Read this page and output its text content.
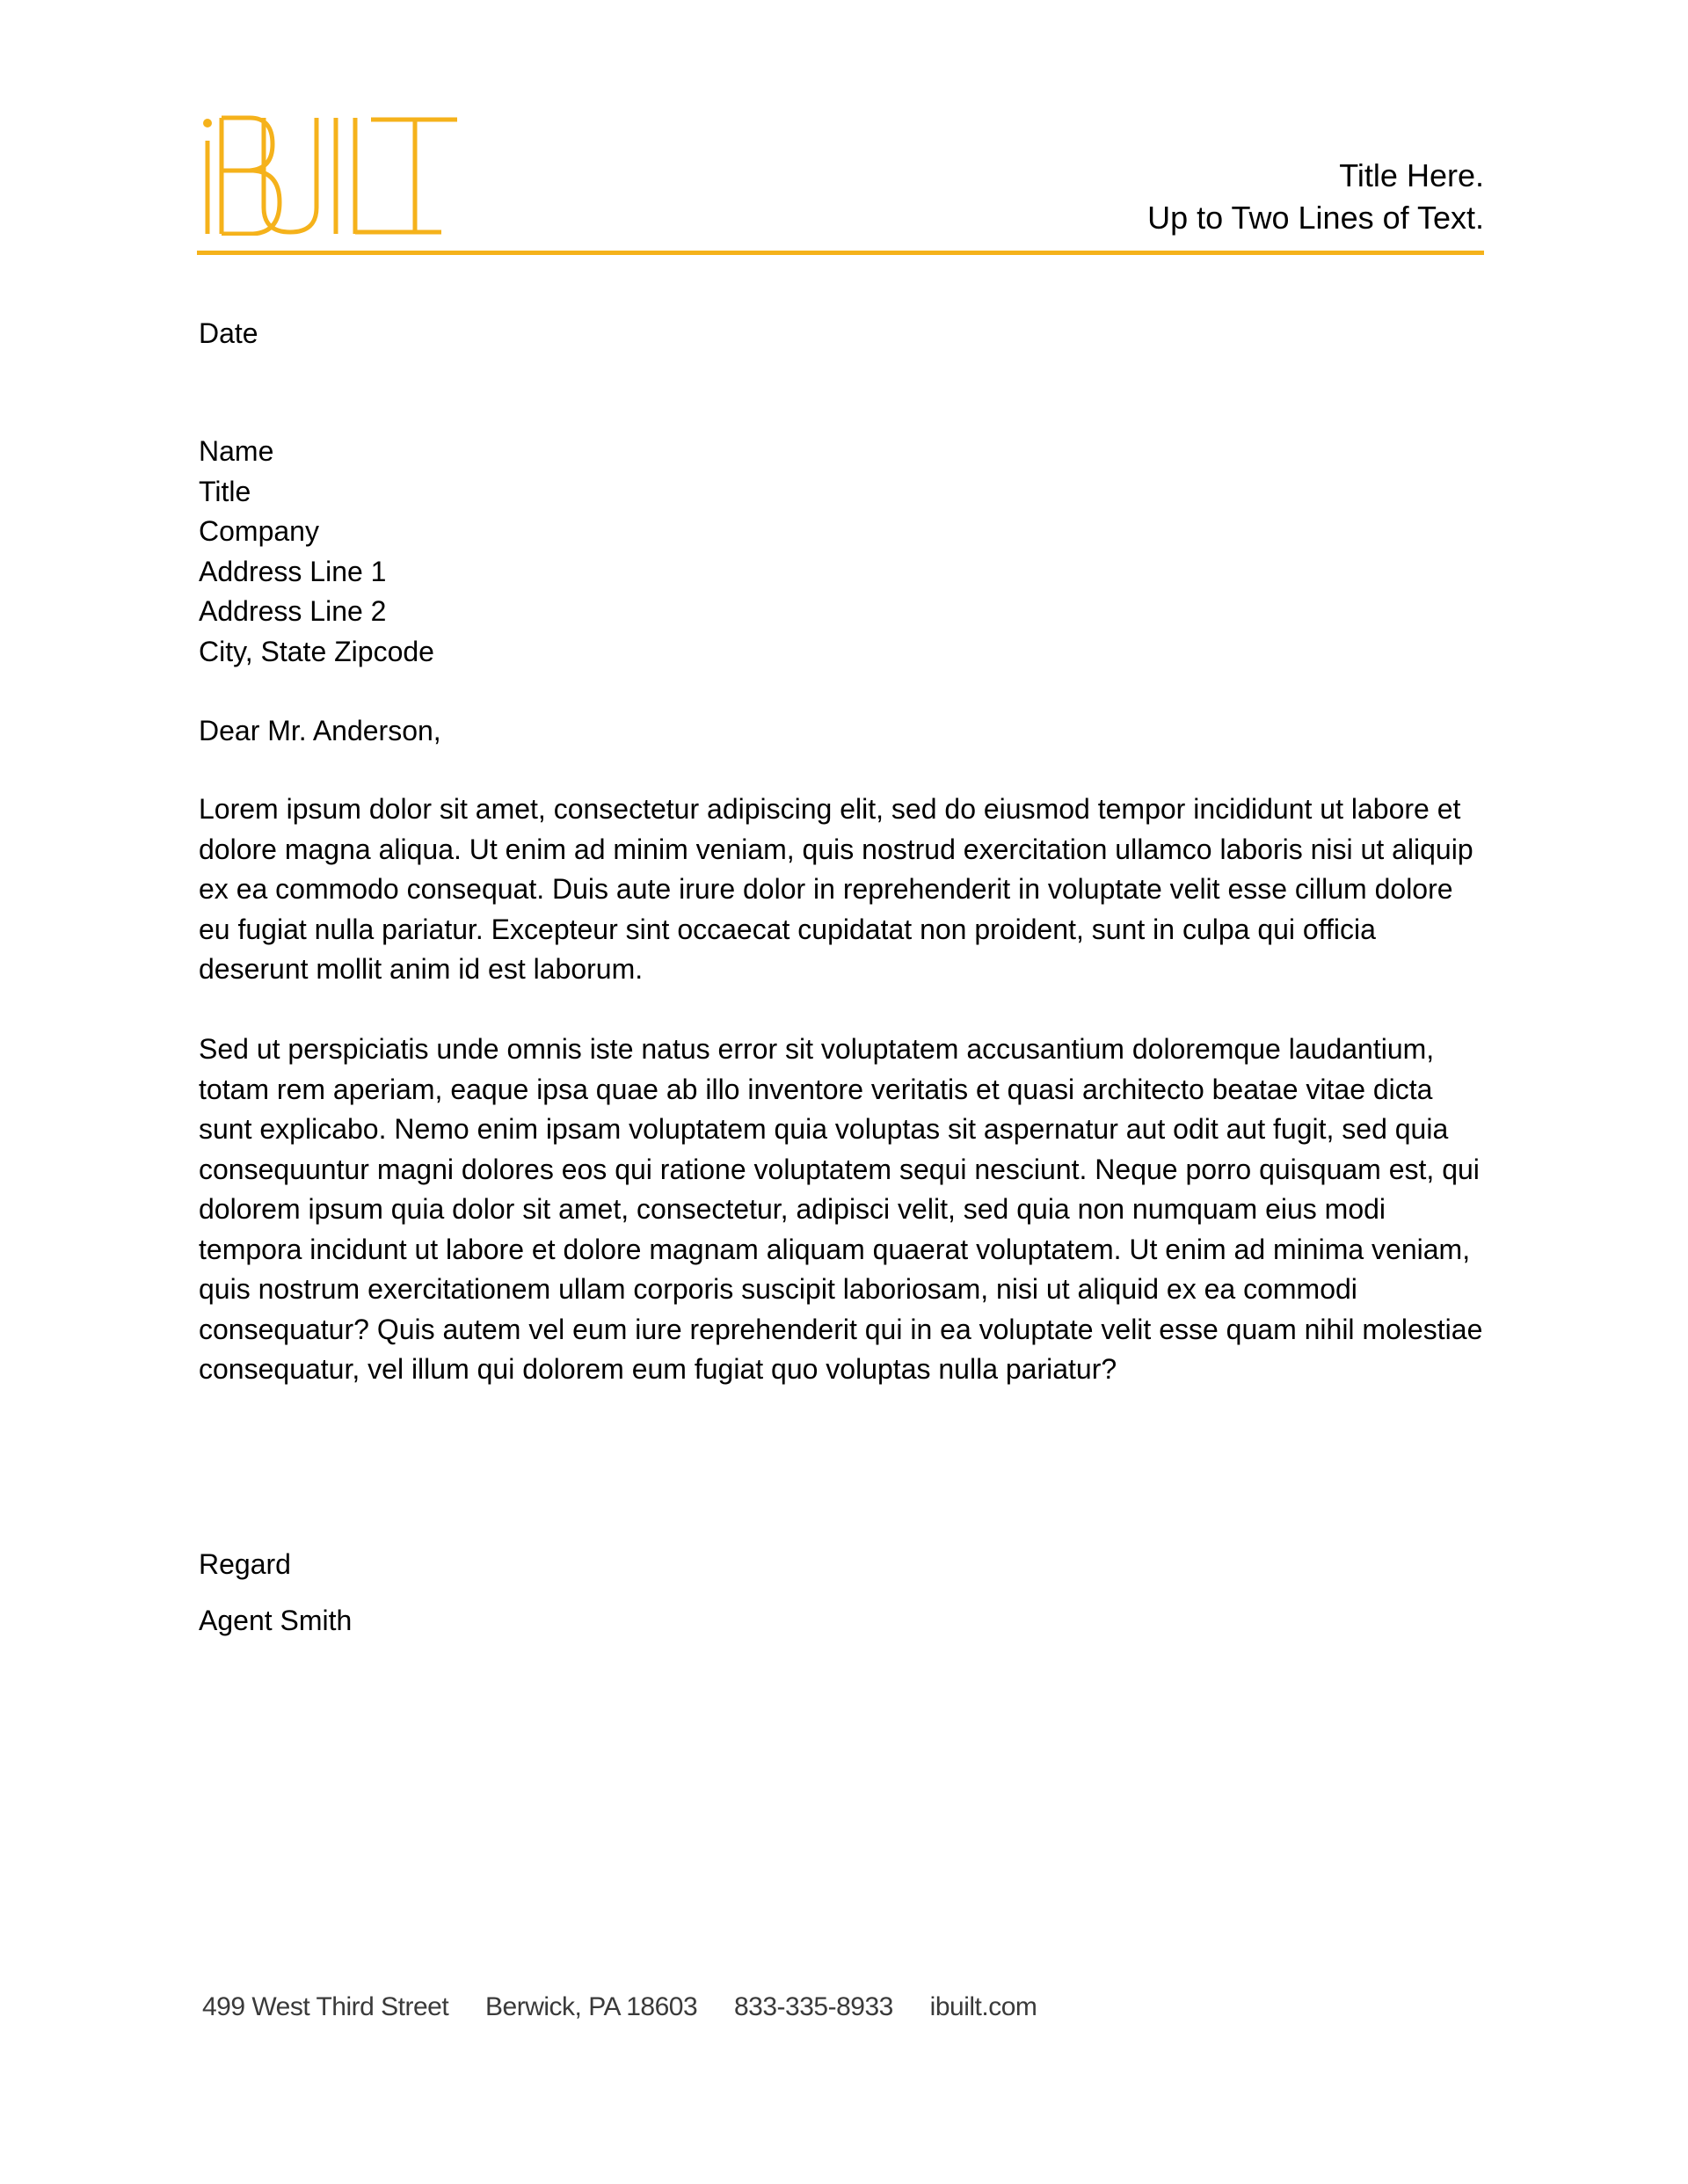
Title Here.
Up to Two Lines of Text.
Date
Name
Title
Company
Address Line 1
Address Line 2
City, State Zipcode
Dear Mr. Anderson,

Lorem ipsum dolor sit amet, consectetur adipiscing elit, sed do eiusmod tempor incididunt ut labore et dolore magna aliqua. Ut enim ad minim veniam, quis nostrud exercitation ullamco laboris nisi ut aliquip ex ea commodo consequat. Duis aute irure dolor in reprehenderit in voluptate velit esse cillum dolore eu fugiat nulla pariatur. Excepteur sint occaecat cupidatat non proident, sunt in culpa qui officia deserunt mollit anim id est laborum.

Sed ut perspiciatis unde omnis iste natus error sit voluptatem accusantium doloremque laudantium, totam rem aperiam, eaque ipsa quae ab illo inventore veritatis et quasi architecto beatae vitae dicta sunt explicabo. Nemo enim ipsam voluptatem quia voluptas sit aspernatur aut odit aut fugit, sed quia consequuntur magni dolores eos qui ratione voluptatem sequi nesciunt. Neque porro quisquam est, qui dolorem ipsum quia dolor sit amet, consectetur, adipisci velit, sed quia non numquam eius modi tempora incidunt ut labore et dolore magnam aliquam quaerat voluptatem. Ut enim ad minima veniam, quis nostrum exercitationem ullam corporis suscipit laboriosam, nisi ut aliquid ex ea commodi consequatur? Quis autem vel eum iure reprehenderit qui in ea voluptate velit esse quam nihil molestiae consequatur, vel illum qui dolorem eum fugiat quo voluptas nulla pariatur?

Regard
Agent Smith
499 West Third Street Berwick, PA 18603 833-335-8933 ibuilt.com
